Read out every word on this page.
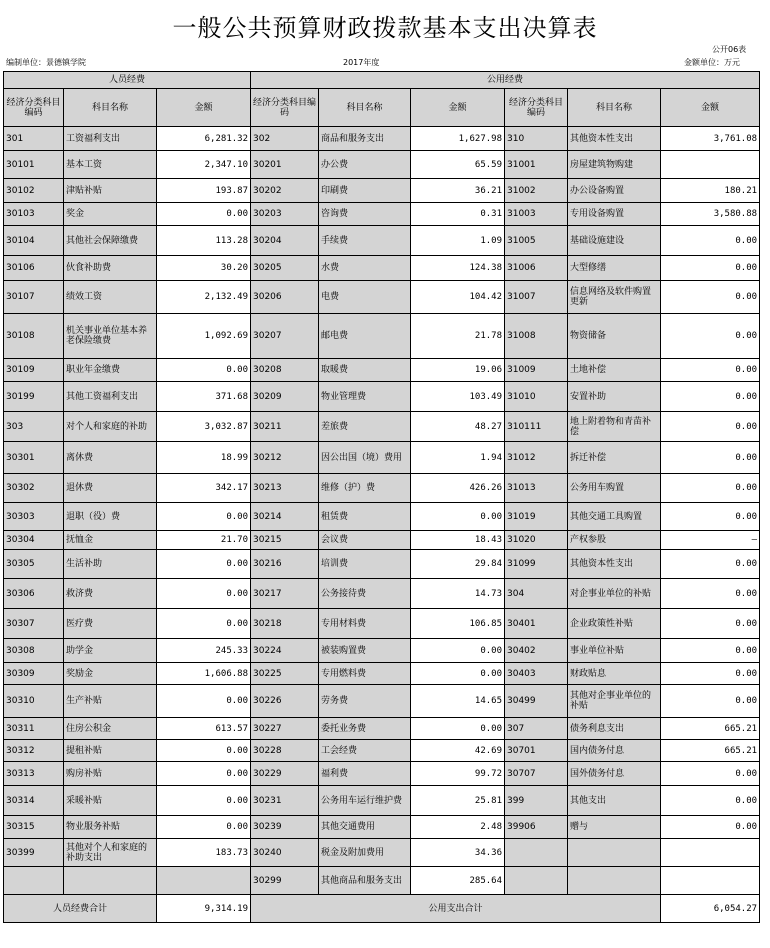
一般公共预算财政拨款基本支出决算表
公开06表
编制单位：景德镇学院	2017年度	金额单位：万元
人员经费			公用经费					
经济分类科目编码	科目名称	金额	经济分类科目编码	科目名称	金额	经济分类科目编码	科目名称	金额
301	工资福利支出	6,281.32	302	商品和服务支出	1,627.98	310	其他资本性支出	3,761.08
30101	基本工资	2,347.10	30201	办公费	65.59	31001	房屋建筑物购建	
30102	津贴补贴	193.87	30202	印刷费	36.21	31002	办公设备购置	180.21
30103	奖金	0.00	30203	咨询费	0.31	31003	专用设备购置	3,580.88
30104	其他社会保障缴费	113.28	30204	手续费	1.09	31005	基础设施建设	0.00
30106	伙食补助费	30.20	30205	水费	124.38	31006	大型修缮	0.00
30107	绩效工资	2,132.49	30206	电费	104.42	31007	信息网络及软件购置更新	0.00
30108	机关事业单位基本养老保险缴费	1,092.69	30207	邮电费	21.78	31008	物资储备	0.00
30109	职业年金缴费	0.00	30208	取暖费	19.06	31009	土地补偿	0.00
30199	其他工资福利支出	371.68	30209	物业管理费	103.49	31010	安置补助	0.00
303	对个人和家庭的补助	3,032.87	30211	差旅费	48.27	310111	地上附着物和青苗补偿	0.00
30301	离休费	18.99	30212	因公出国（境）费用	1.94	31012	拆迁补偿	0.00
30302	退休费	342.17	30213	维修（护）费	426.26	31013	公务用车购置	0.00
30303	退职（役）费	0.00	30214	租赁费	0.00	31019	其他交通工具购置	0.00
30304	抚恤金	21.70	30215	会议费	18.43	31020	产权参股	—
30305	生活补助	0.00	30216	培训费	29.84	31099	其他资本性支出	0.00
30306	救济费	0.00	30217	公务接待费	14.73	304	对企事业单位的补贴	0.00
30307	医疗费	0.00	30218	专用材料费	106.85	30401	企业政策性补贴	0.00
30308	助学金	245.33	30224	被装购置费	0.00	30402	事业单位补贴	0.00
30309	奖励金	1,606.88	30225	专用燃料费	0.00	30403	财政贴息	0.00
30310	生产补贴	0.00	30226	劳务费	14.65	30499	其他对企事业单位的补贴	0.00
30311	住房公积金	613.57	30227	委托业务费	0.00	307	债务利息支出	665.21
30312	提租补贴	0.00	30228	工会经费	42.69	30701	国内债务付息	665.21
30313	购房补贴	0.00	30229	福利费	99.72	30707	国外债务付息	0.00
30314	采暖补贴	0.00	30231	公务用车运行维护费	25.81	399	其他支出	0.00
30315	物业服务补贴	0.00	30239	其他交通费用	2.48	39906	赠与	0.00
30399	其他对个人和家庭的补助支出	183.73	30240	税金及附加费用	34.36			
			30299	其他商品和服务支出	285.64			
人员经费合计		9,314.19	公用支出合计					6,054.27
